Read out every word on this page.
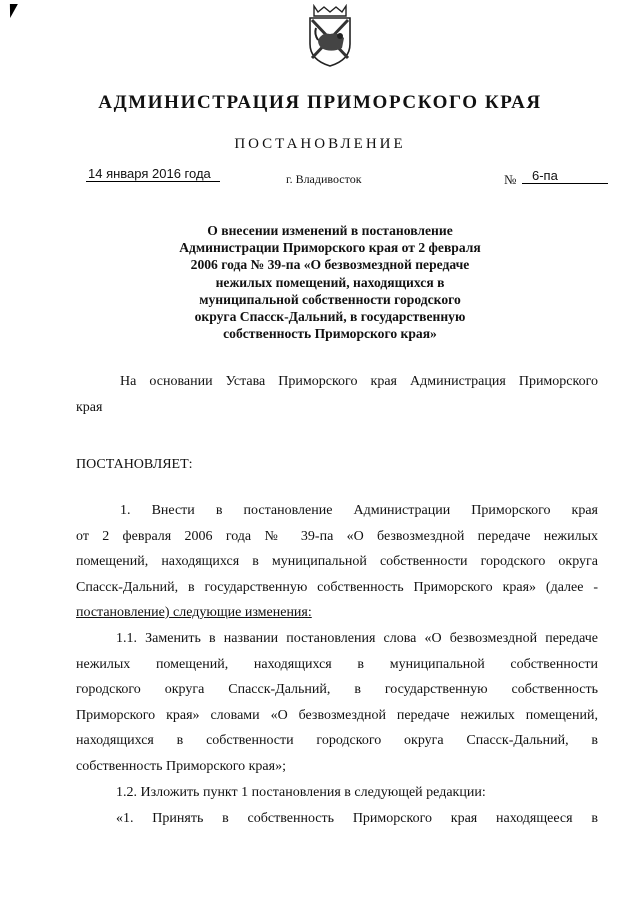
АДМИНИСТРАЦИЯ ПРИМОРСКОГО КРАЯ
ПОСТАНОВЛЕНИЕ
14 января 2016 года	г. Владивосток	№	6-па
О внесении изменений в постановление
Администрации Приморского края от 2 февраля
2006 года № 39-па «О безвозмездной передаче
нежилых помещений, находящихся в
муниципальной собственности городского
округа Спасск-Дальний, в государственную
собственность Приморского края»
На основании Устава Приморского края Администрация Приморского
края
ПОСТАНОВЛЯЕТ:
1. Внести в постановление Администрации Приморского края
от 2 февраля 2006 года № 39-па «О безвозмездной передаче нежилых
помещений, находящихся в муниципальной собственности городского округа
Спасск-Дальний, в государственную собственность Приморского края» (далее -
постановление) следующие изменения:
1.1. Заменить в названии постановления слова «О безвозмездной передаче
нежилых помещений, находящихся в муниципальной собственности
городского округа Спасск-Дальний, в государственную собственность
Приморского края» словами «О безвозмездной передаче нежилых помещений,
находящихся в собственности городского округа Спасск-Дальний, в
собственность Приморского края»;
1.2. Изложить пункт 1 постановления в следующей редакции:
«1. Принять в собственность Приморского края находящееся в
